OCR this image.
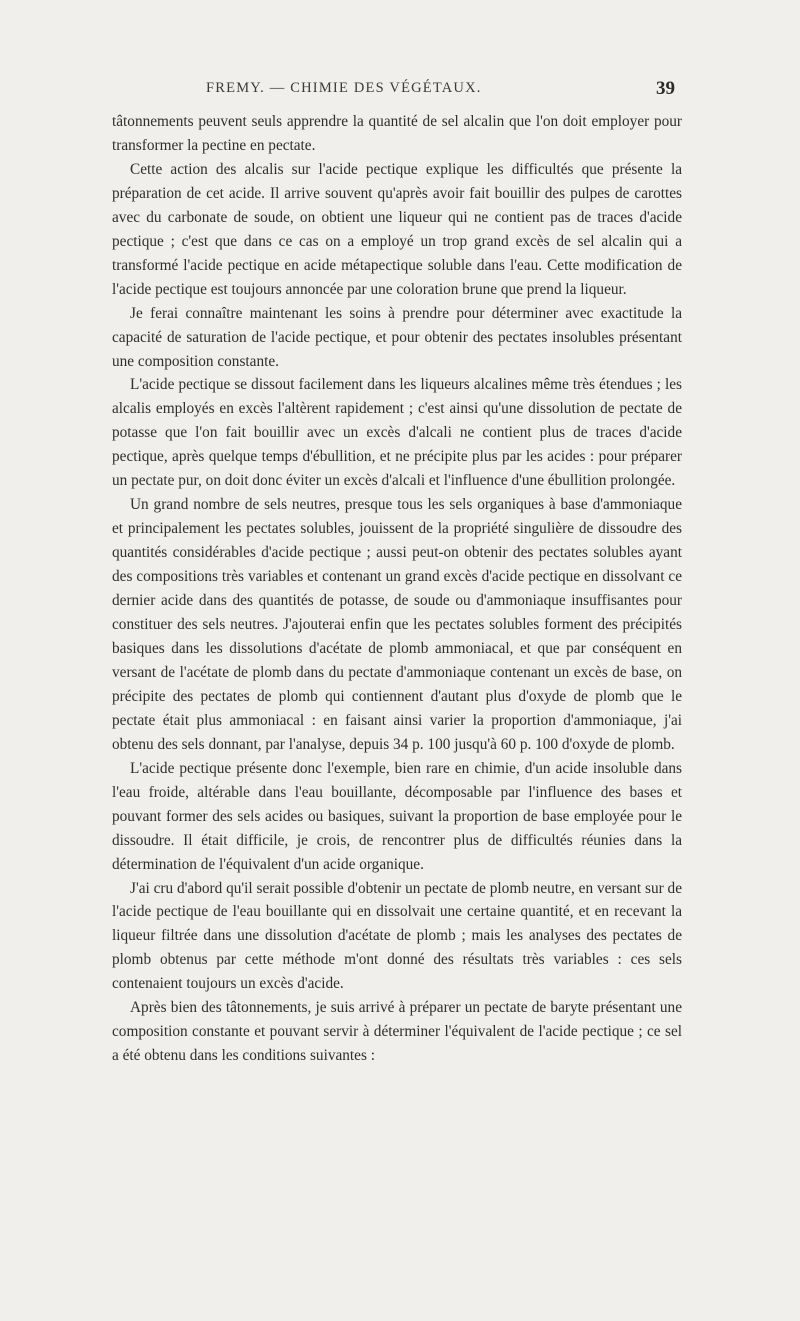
FREMY. — CHIMIE DES VÉGÉTAUX.	39

tâtonnements peuvent seuls apprendre la quantité de sel alcalin que l'on doit employer pour transformer la pectine en pectate.

Cette action des alcalis sur l'acide pectique explique les difficultés que présente la préparation de cet acide. Il arrive souvent qu'après avoir fait bouillir des pulpes de carottes avec du carbonate de soude, on obtient une liqueur qui ne contient pas de traces d'acide pectique ; c'est que dans ce cas on a employé un trop grand excès de sel alcalin qui a transformé l'acide pectique en acide métapectique soluble dans l'eau. Cette modification de l'acide pectique est toujours annoncée par une coloration brune que prend la liqueur.

Je ferai connaître maintenant les soins à prendre pour déterminer avec exactitude la capacité de saturation de l'acide pectique, et pour obtenir des pectates insolubles présentant une composition constante.

L'acide pectique se dissout facilement dans les liqueurs alcalines même très étendues ; les alcalis employés en excès l'altèrent rapidement ; c'est ainsi qu'une dissolution de pectate de potasse que l'on fait bouillir avec un excès d'alcali ne contient plus de traces d'acide pectique, après quelque temps d'ébullition, et ne précipite plus par les acides : pour préparer un pectate pur, on doit donc éviter un excès d'alcali et l'influence d'une ébullition prolongée.

Un grand nombre de sels neutres, presque tous les sels organiques à base d'ammoniaque et principalement les pectates solubles, jouissent de la propriété singulière de dissoudre des quantités considérables d'acide pectique ; aussi peut-on obtenir des pectates solubles ayant des compositions très variables et contenant un grand excès d'acide pectique en dissolvant ce dernier acide dans des quantités de potasse, de soude ou d'ammoniaque insuffisantes pour constituer des sels neutres. J'ajouterai enfin que les pectates solubles forment des précipités basiques dans les dissolutions d'acétate de plomb ammoniacal, et que par conséquent en versant de l'acétate de plomb dans du pectate d'ammoniaque contenant un excès de base, on précipite des pectates de plomb qui contiennent d'autant plus d'oxyde de plomb que le pectate était plus ammoniacal : en faisant ainsi varier la proportion d'ammoniaque, j'ai obtenu des sels donnant, par l'analyse, depuis 34 p. 100 jusqu'à 60 p. 100 d'oxyde de plomb.

L'acide pectique présente donc l'exemple, bien rare en chimie, d'un acide insoluble dans l'eau froide, altérable dans l'eau bouillante, décomposable par l'influence des bases et pouvant former des sels acides ou basiques, suivant la proportion de base employée pour le dissoudre. Il était difficile, je crois, de rencontrer plus de difficultés réunies dans la détermination de l'équivalent d'un acide organique.

J'ai cru d'abord qu'il serait possible d'obtenir un pectate de plomb neutre, en versant sur de l'acide pectique de l'eau bouillante qui en dissolvait une certaine quantité, et en recevant la liqueur filtrée dans une dissolution d'acétate de plomb ; mais les analyses des pectates de plomb obtenus par cette méthode m'ont donné des résultats très variables : ces sels contenaient toujours un excès d'acide.

Après bien des tâtonnements, je suis arrivé à préparer un pectate de baryte présentant une composition constante et pouvant servir à déterminer l'équivalent de l'acide pectique ; ce sel a été obtenu dans les conditions suivantes :
